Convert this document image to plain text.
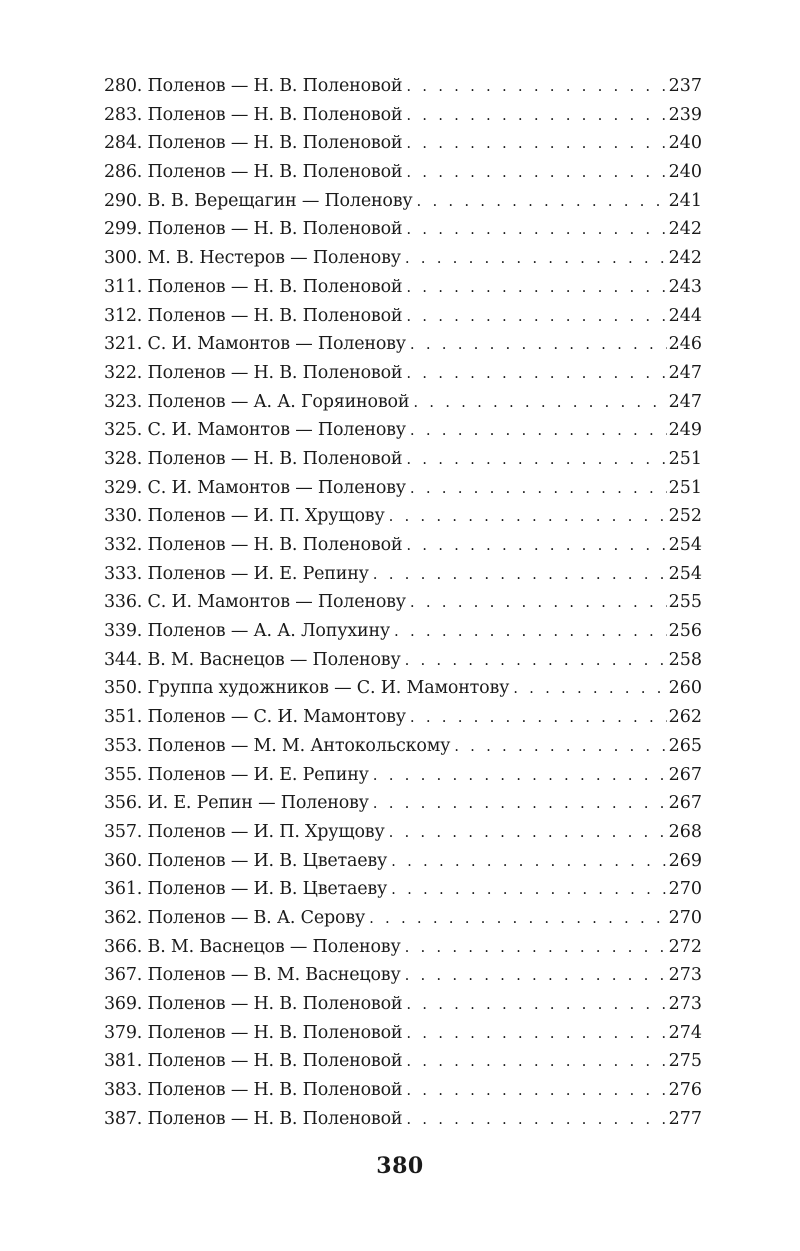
280. Поленов — Н. В. Поленовой . . .	237
283. Поленов — Н. В. Поленовой . . .	239
284. Поленов — Н. В. Поленовой . . .	240
286. Поленов — Н. В. Поленовой . . .	240
290. В. В. Верещагин — Поленову . . .	241
299. Поленов — Н. В. Поленовой . . .	242
300. М. В. Нестеров — Поленову . . .	242
311. Поленов — Н. В. Поленовой . . .	243
312. Поленов — Н. В. Поленовой . . .	244
321. С. И. Мамонтов — Поленову . . .	246
322. Поленов — Н. В. Поленовой . . .	247
323. Поленов — А. А. Горяиновой . . .	247
325. С. И. Мамонтов — Поленову . . .	249
328. Поленов — Н. В. Поленовой . . .	251
329. С. И. Мамонтов — Поленову . . .	251
330. Поленов — И. П. Хрущову . . .	252
332. Поленов — Н. В. Поленовой . . .	254
333. Поленов — И. Е. Репину . . .	254
336. С. И. Мамонтов — Поленову . . .	255
339. Поленов — А. А. Лопухину . . .	256
344. В. М. Васнецов — Поленову . . .	258
350. Группа художников — С. И. Мамонтову . . .	260
351. Поленов — С. И. Мамонтову . . .	262
353. Поленов — М. М. Антокольскому . . .	265
355. Поленов — И. Е. Репину . . .	267
356. И. Е. Репин — Поленову . . .	267
357. Поленов — И. П. Хрущову . . .	268
360. Поленов — И. В. Цветаеву . . .	269
361. Поленов — И. В. Цветаеву . . .	270
362. Поленов — В. А. Серову . . .	270
366. В. М. Васнецов — Поленову . . .	272
367. Поленов — В. М. Васнецову . . .	273
369. Поленов — Н. В. Поленовой . . .	273
379. Поленов — Н. В. Поленовой . . .	274
381. Поленов — Н. В. Поленовой . . .	275
383. Поленов — Н. В. Поленовой . . .	276
387. Поленов — Н. В. Поленовой . . .	277
380
